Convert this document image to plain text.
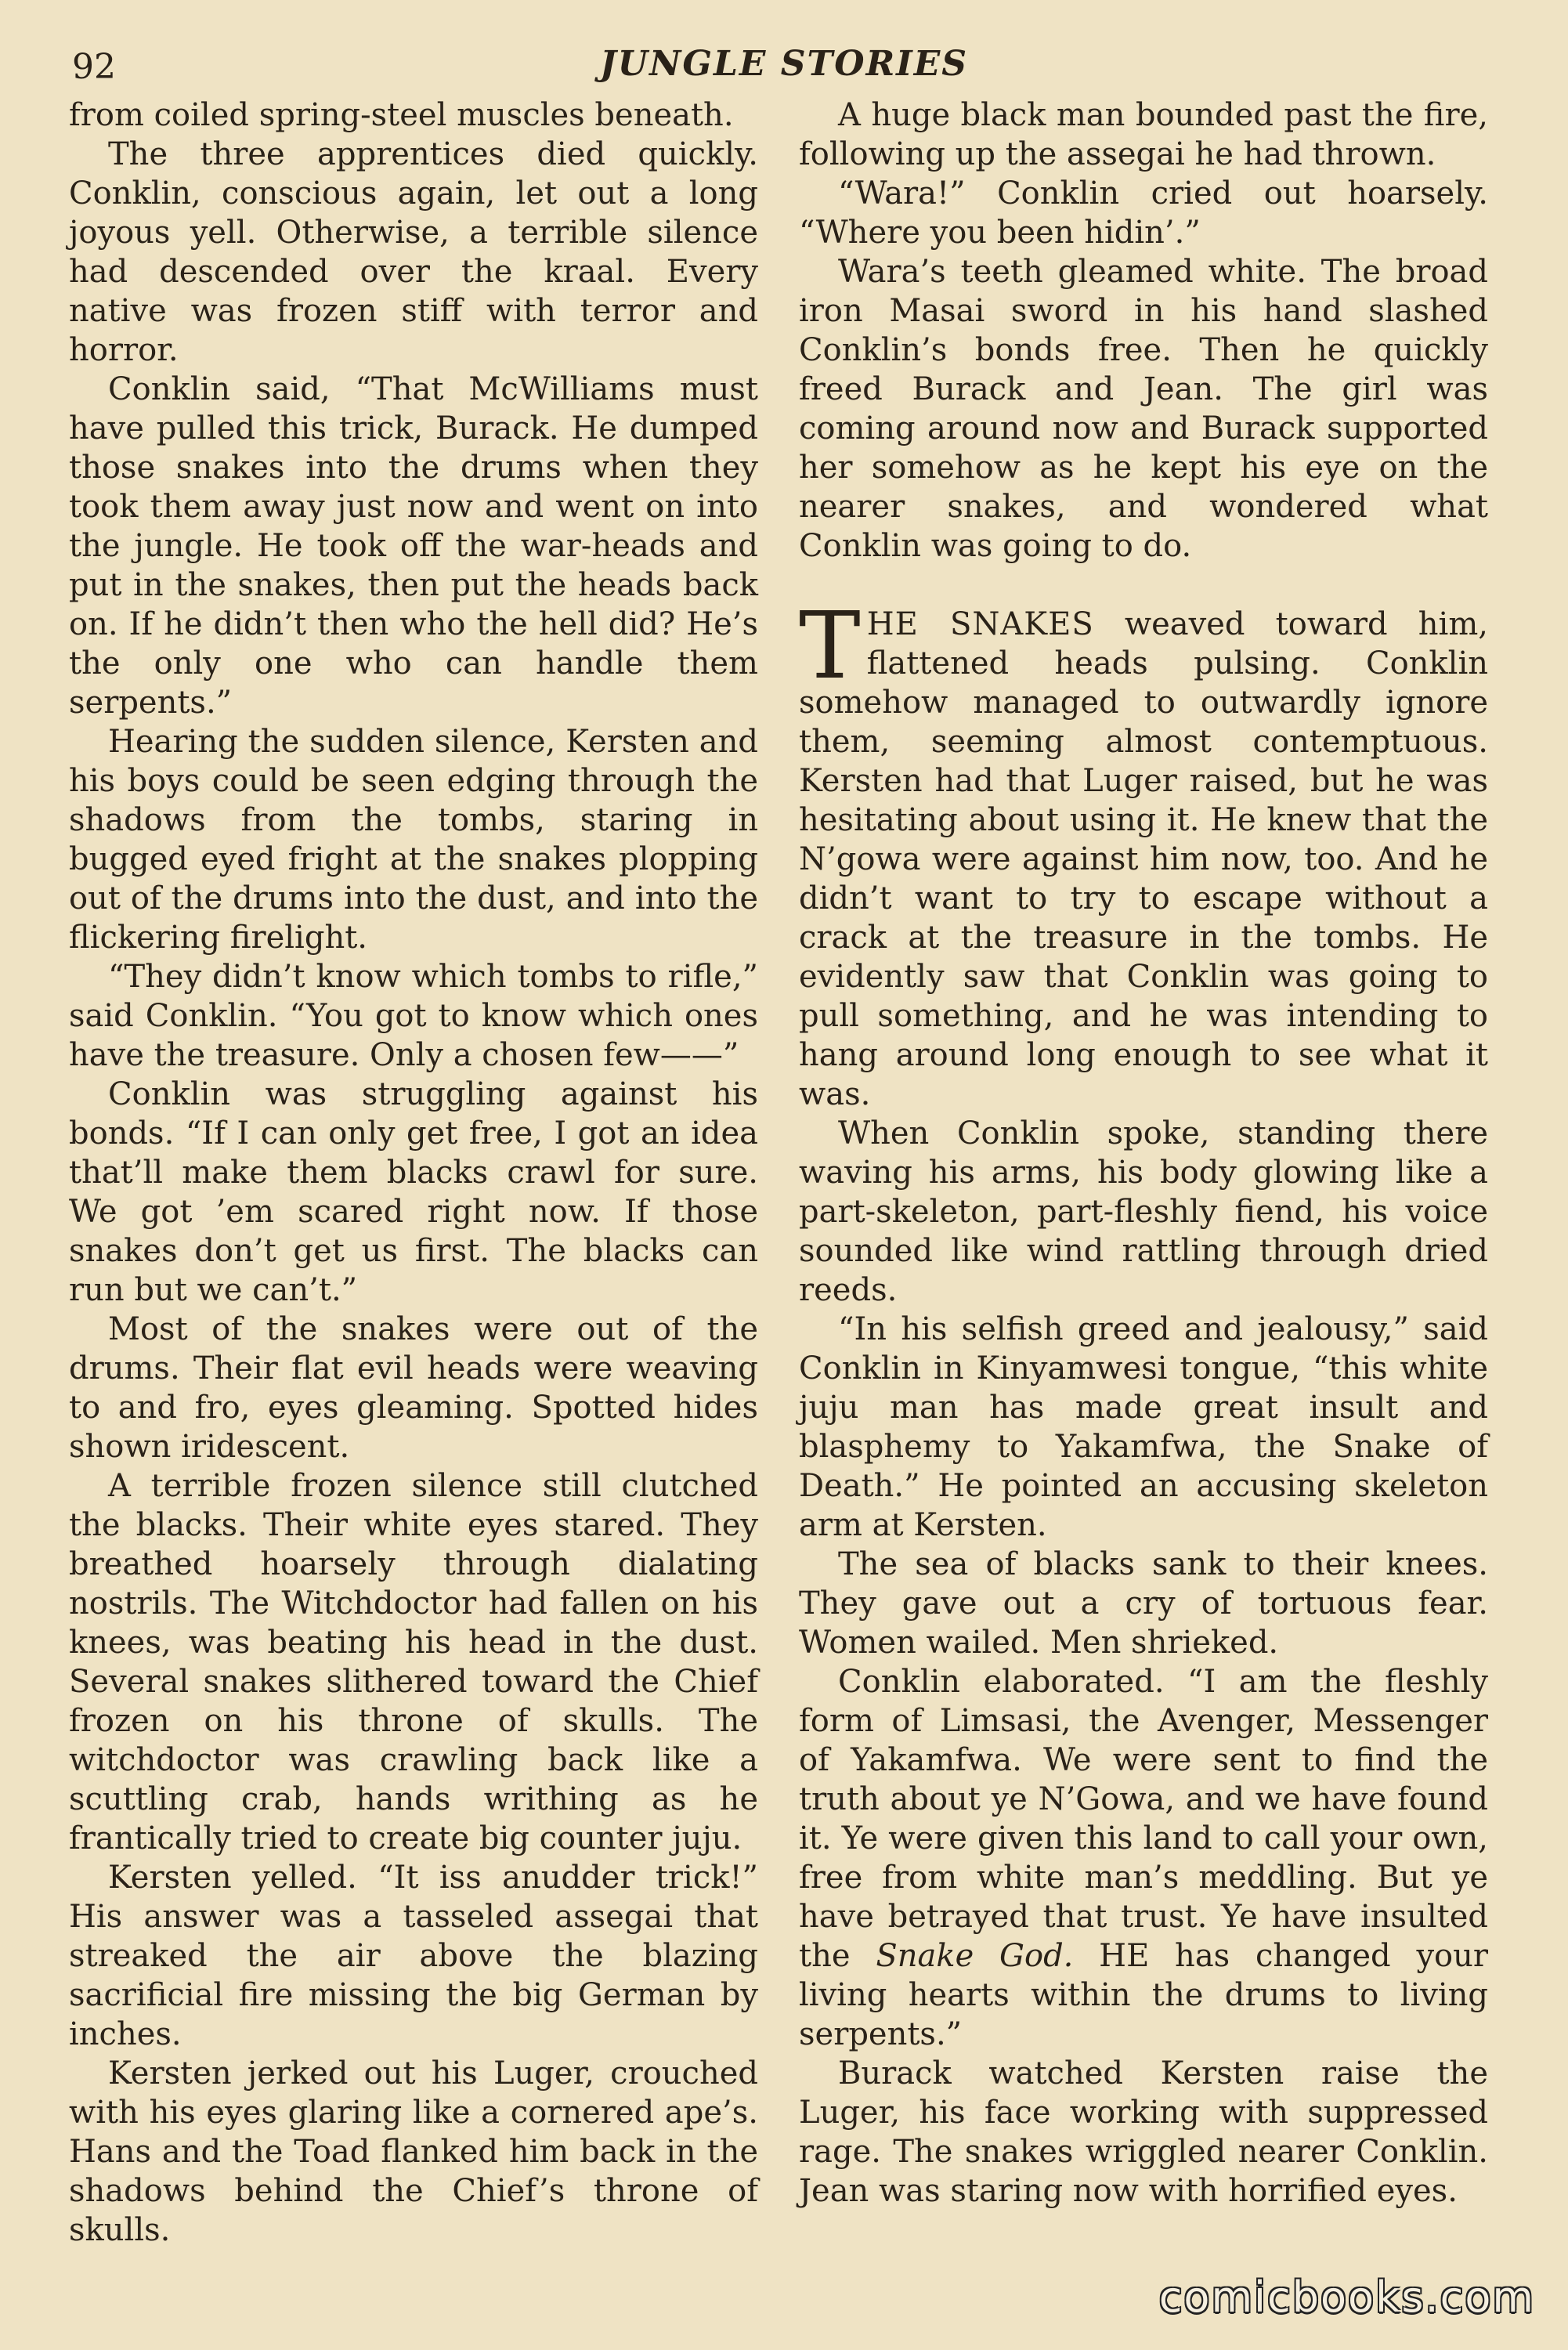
92	JUNGLE STORIES

from coiled spring-steel muscles beneath.

The three apprentices died quickly. Conklin, conscious again, let out a long joyous yell. Otherwise, a terrible silence had descended over the kraal. Every native was frozen stiff with terror and horror.

Conklin said, “That McWilliams must have pulled this trick, Burack. He dumped those snakes into the drums when they took them away just now and went on into the jungle. He took off the war-heads and put in the snakes, then put the heads back on. If he didn’t then who the hell did? He’s the only one who can handle them serpents.”

Hearing the sudden silence, Kersten and his boys could be seen edging through the shadows from the tombs, staring in bugged eyed fright at the snakes plopping out of the drums into the dust, and into the flickering firelight.

“They didn’t know which tombs to rifle,” said Conklin. “You got to know which ones have the treasure. Only a chosen few——”

Conklin was struggling against his bonds. “If I can only get free, I got an idea that’ll make them blacks crawl for sure. We got ’em scared right now. If those snakes don’t get us first. The blacks can run but we can’t.”

Most of the snakes were out of the drums. Their flat evil heads were weaving to and fro, eyes gleaming. Spotted hides shown iridescent.

A terrible frozen silence still clutched the blacks. Their white eyes stared. They breathed hoarsely through dialating nostrils. The Witchdoctor had fallen on his knees, was beating his head in the dust. Several snakes slithered toward the Chief frozen on his throne of skulls. The witchdoctor was crawling back like a scuttling crab, hands writhing as he frantically tried to create big counter juju.

Kersten yelled. “It iss anudder trick!” His answer was a tasseled assegai that streaked the air above the blazing sacrificial fire missing the big German by inches.

Kersten jerked out his Luger, crouched with his eyes glaring like a cornered ape’s. Hans and the Toad flanked him back in the shadows behind the Chief’s throne of skulls.

A huge black man bounded past the fire, following up the assegai he had thrown.

“Wara!” Conklin cried out hoarsely. “Where you been hidin’.”

Wara’s teeth gleamed white. The broad iron Masai sword in his hand slashed Conklin’s bonds free. Then he quickly freed Burack and Jean. The girl was coming around now and Burack supported her somehow as he kept his eye on the nearer snakes, and wondered what Conklin was going to do.

THE SNAKES weaved toward him, flattened heads pulsing. Conklin somehow managed to outwardly ignore them, seeming almost contemptuous. Kersten had that Luger raised, but he was hesitating about using it. He knew that the N’gowa were against him now, too. And he didn’t want to try to escape without a crack at the treasure in the tombs. He evidently saw that Conklin was going to pull something, and he was intending to hang around long enough to see what it was.

When Conklin spoke, standing there waving his arms, his body glowing like a part-skeleton, part-fleshly fiend, his voice sounded like wind rattling through dried reeds.

“In his selfish greed and jealousy,” said Conklin in Kinyamwesi tongue, “this white juju man has made great insult and blasphemy to Yakamfwa, the Snake of Death.” He pointed an accusing skeleton arm at Kersten.

The sea of blacks sank to their knees. They gave out a cry of tortuous fear. Women wailed. Men shrieked.

Conklin elaborated. “I am the fleshly form of Limsasi, the Avenger, Messenger of Yakamfwa. We were sent to find the truth about ye N’Gowa, and we have found it. Ye were given this land to call your own, free from white man’s meddling. But ye have betrayed that trust. Ye have insulted the Snake God. HE has changed your living hearts within the drums to living serpents.”

Burack watched Kersten raise the Luger, his face working with suppressed rage. The snakes wriggled nearer Conklin. Jean was staring now with horrified eyes.

comicbooks.com
